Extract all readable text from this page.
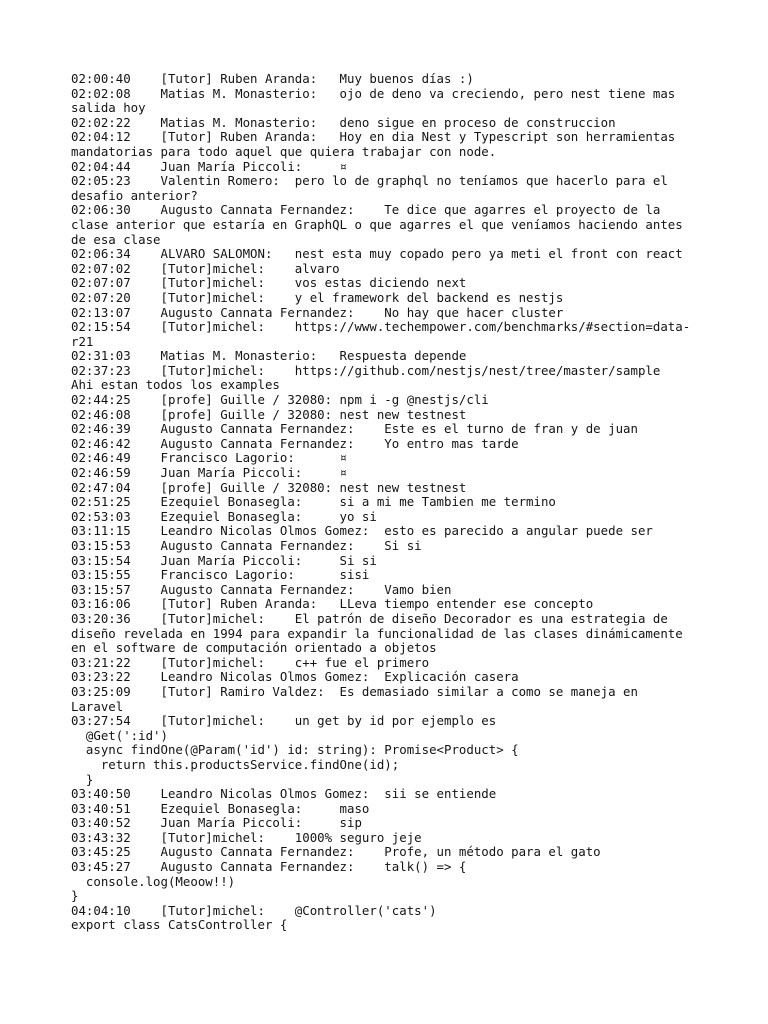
02:00:40    [Tutor] Ruben Aranda:   Muy buenos días :)
02:02:08    Matias M. Monasterio:   ojo de deno va creciendo, pero nest tiene mas
salida hoy
02:02:22    Matias M. Monasterio:   deno sigue en proceso de construccion
02:04:12    [Tutor] Ruben Aranda:   Hoy en dia Nest y Typescript son herramientas
mandatorias para todo aquel que quiera trabajar con node.
02:04:44    Juan María Piccoli:     ¤
02:05:23    Valentin Romero:  pero lo de graphql no teníamos que hacerlo para el
desafio anterior?
02:06:30    Augusto Cannata Fernandez:    Te dice que agarres el proyecto de la
clase anterior que estaría en GraphQL o que agarres el que veníamos haciendo antes
de esa clase
02:06:34    ALVARO SALOMON:   nest esta muy copado pero ya meti el front con react
02:07:02    [Tutor]michel:    alvaro
02:07:07    [Tutor]michel:    vos estas diciendo next
02:07:20    [Tutor]michel:    y el framework del backend es nestjs
02:13:07    Augusto Cannata Fernandez:    No hay que hacer cluster
02:15:54    [Tutor]michel:    https://www.techempower.com/benchmarks/#section=data-
r21
02:31:03    Matias M. Monasterio:   Respuesta depende
02:37:23    [Tutor]michel:    https://github.com/nestjs/nest/tree/master/sample
Ahi estan todos los examples
02:44:25    [profe] Guille / 32080: npm i -g @nestjs/cli
02:46:08    [profe] Guille / 32080: nest new testnest
02:46:39    Augusto Cannata Fernandez:    Este es el turno de fran y de juan
02:46:42    Augusto Cannata Fernandez:    Yo entro mas tarde
02:46:49    Francisco Lagorio:      ¤
02:46:59    Juan María Piccoli:     ¤
02:47:04    [profe] Guille / 32080: nest new testnest
02:51:25    Ezequiel Bonasegla:     si a mi me Tambien me termino
02:53:03    Ezequiel Bonasegla:     yo si
03:11:15    Leandro Nicolas Olmos Gomez:  esto es parecido a angular puede ser
03:15:53    Augusto Cannata Fernandez:    Si si
03:15:54    Juan María Piccoli:     Si si
03:15:55    Francisco Lagorio:      sisi
03:15:57    Augusto Cannata Fernandez:    Vamo bien
03:16:06    [Tutor] Ruben Aranda:   LLeva tiempo entender ese concepto
03:20:36    [Tutor]michel:    El patrón de diseño Decorador es una estrategia de
diseño revelada en 1994 para expandir la funcionalidad de las clases dinámicamente
en el software de computación orientado a objetos
03:21:22    [Tutor]michel:    c++ fue el primero
03:23:22    Leandro Nicolas Olmos Gomez:  Explicación casera
03:25:09    [Tutor] Ramiro Valdez:  Es demasiado similar a como se maneja en
Laravel
03:27:54    [Tutor]michel:    un get by id por ejemplo es
@Get(':id')
async findOne(@Param('id') id: string): Promise<Product> {
return this.productsService.findOne(id);
}
03:40:50    Leandro Nicolas Olmos Gomez:  sii se entiende
03:40:51    Ezequiel Bonasegla:     maso
03:40:52    Juan María Piccoli:     sip
03:43:32    [Tutor]michel:    1000% seguro jeje
03:45:25    Augusto Cannata Fernandez:    Profe, un método para el gato
03:45:27    Augusto Cannata Fernandez:    talk() => {
console.log(Meoow!!)
}
04:04:10    [Tutor]michel:    @Controller('cats')
export class CatsController {
